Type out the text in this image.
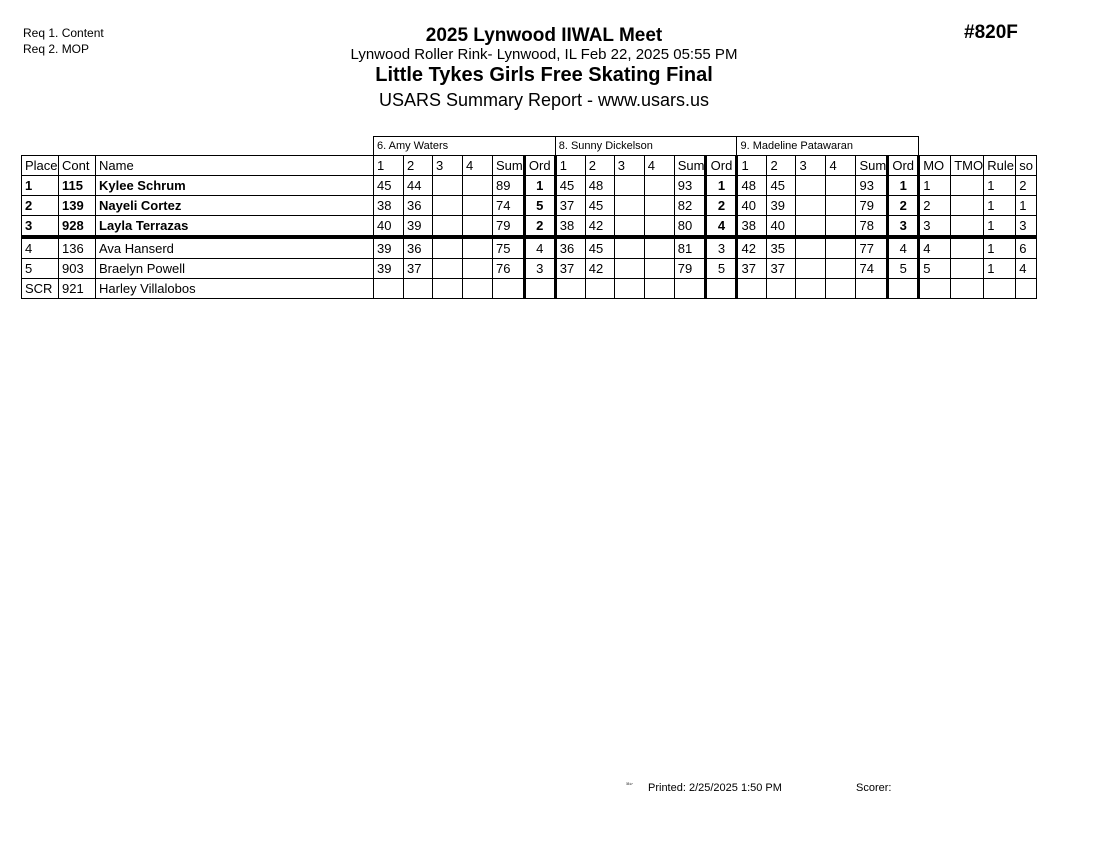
Req 1. Content
Req 2. MOP
#820F
2025 Lynwood IIWAL Meet
Lynwood Roller Rink- Lynwood, IL Feb 22, 2025 05:55 PM
Little Tykes Girls Free Skating Final
USARS Summary Report - www.usars.us
			6. Amy Waters						8. Sunny Dickelson						9. Madeline Patawaran									
Place	Cont	Name	1	2	3	4	Sum	Ord	1	2	3	4	Sum	Ord	1	2	3	4	Sum	Ord	MO	TMO	Rule	so
1	115	Kylee Schrum	45	44			89	1	45	48			93	1	48	45			93	1	1		1	2
2	139	Nayeli Cortez	38	36			74	5	37	45			82	2	40	39			79	2	2		1	1
3	928	Layla Terrazas	40	39			79	2	38	42			80	4	38	40			78	3	3		1	3
4	136	Ava Hanserd	39	36			75	4	36	45			81	3	42	35			77	4	4		1	6
5	903	Braelyn Powell	39	37			76	3	37	42			79	5	37	37			74	5	5		1	4
SCR	921	Harley Villalobos																						
³³¹⁷ Printed: 2/25/2025 1:50 PM	Scorer:
